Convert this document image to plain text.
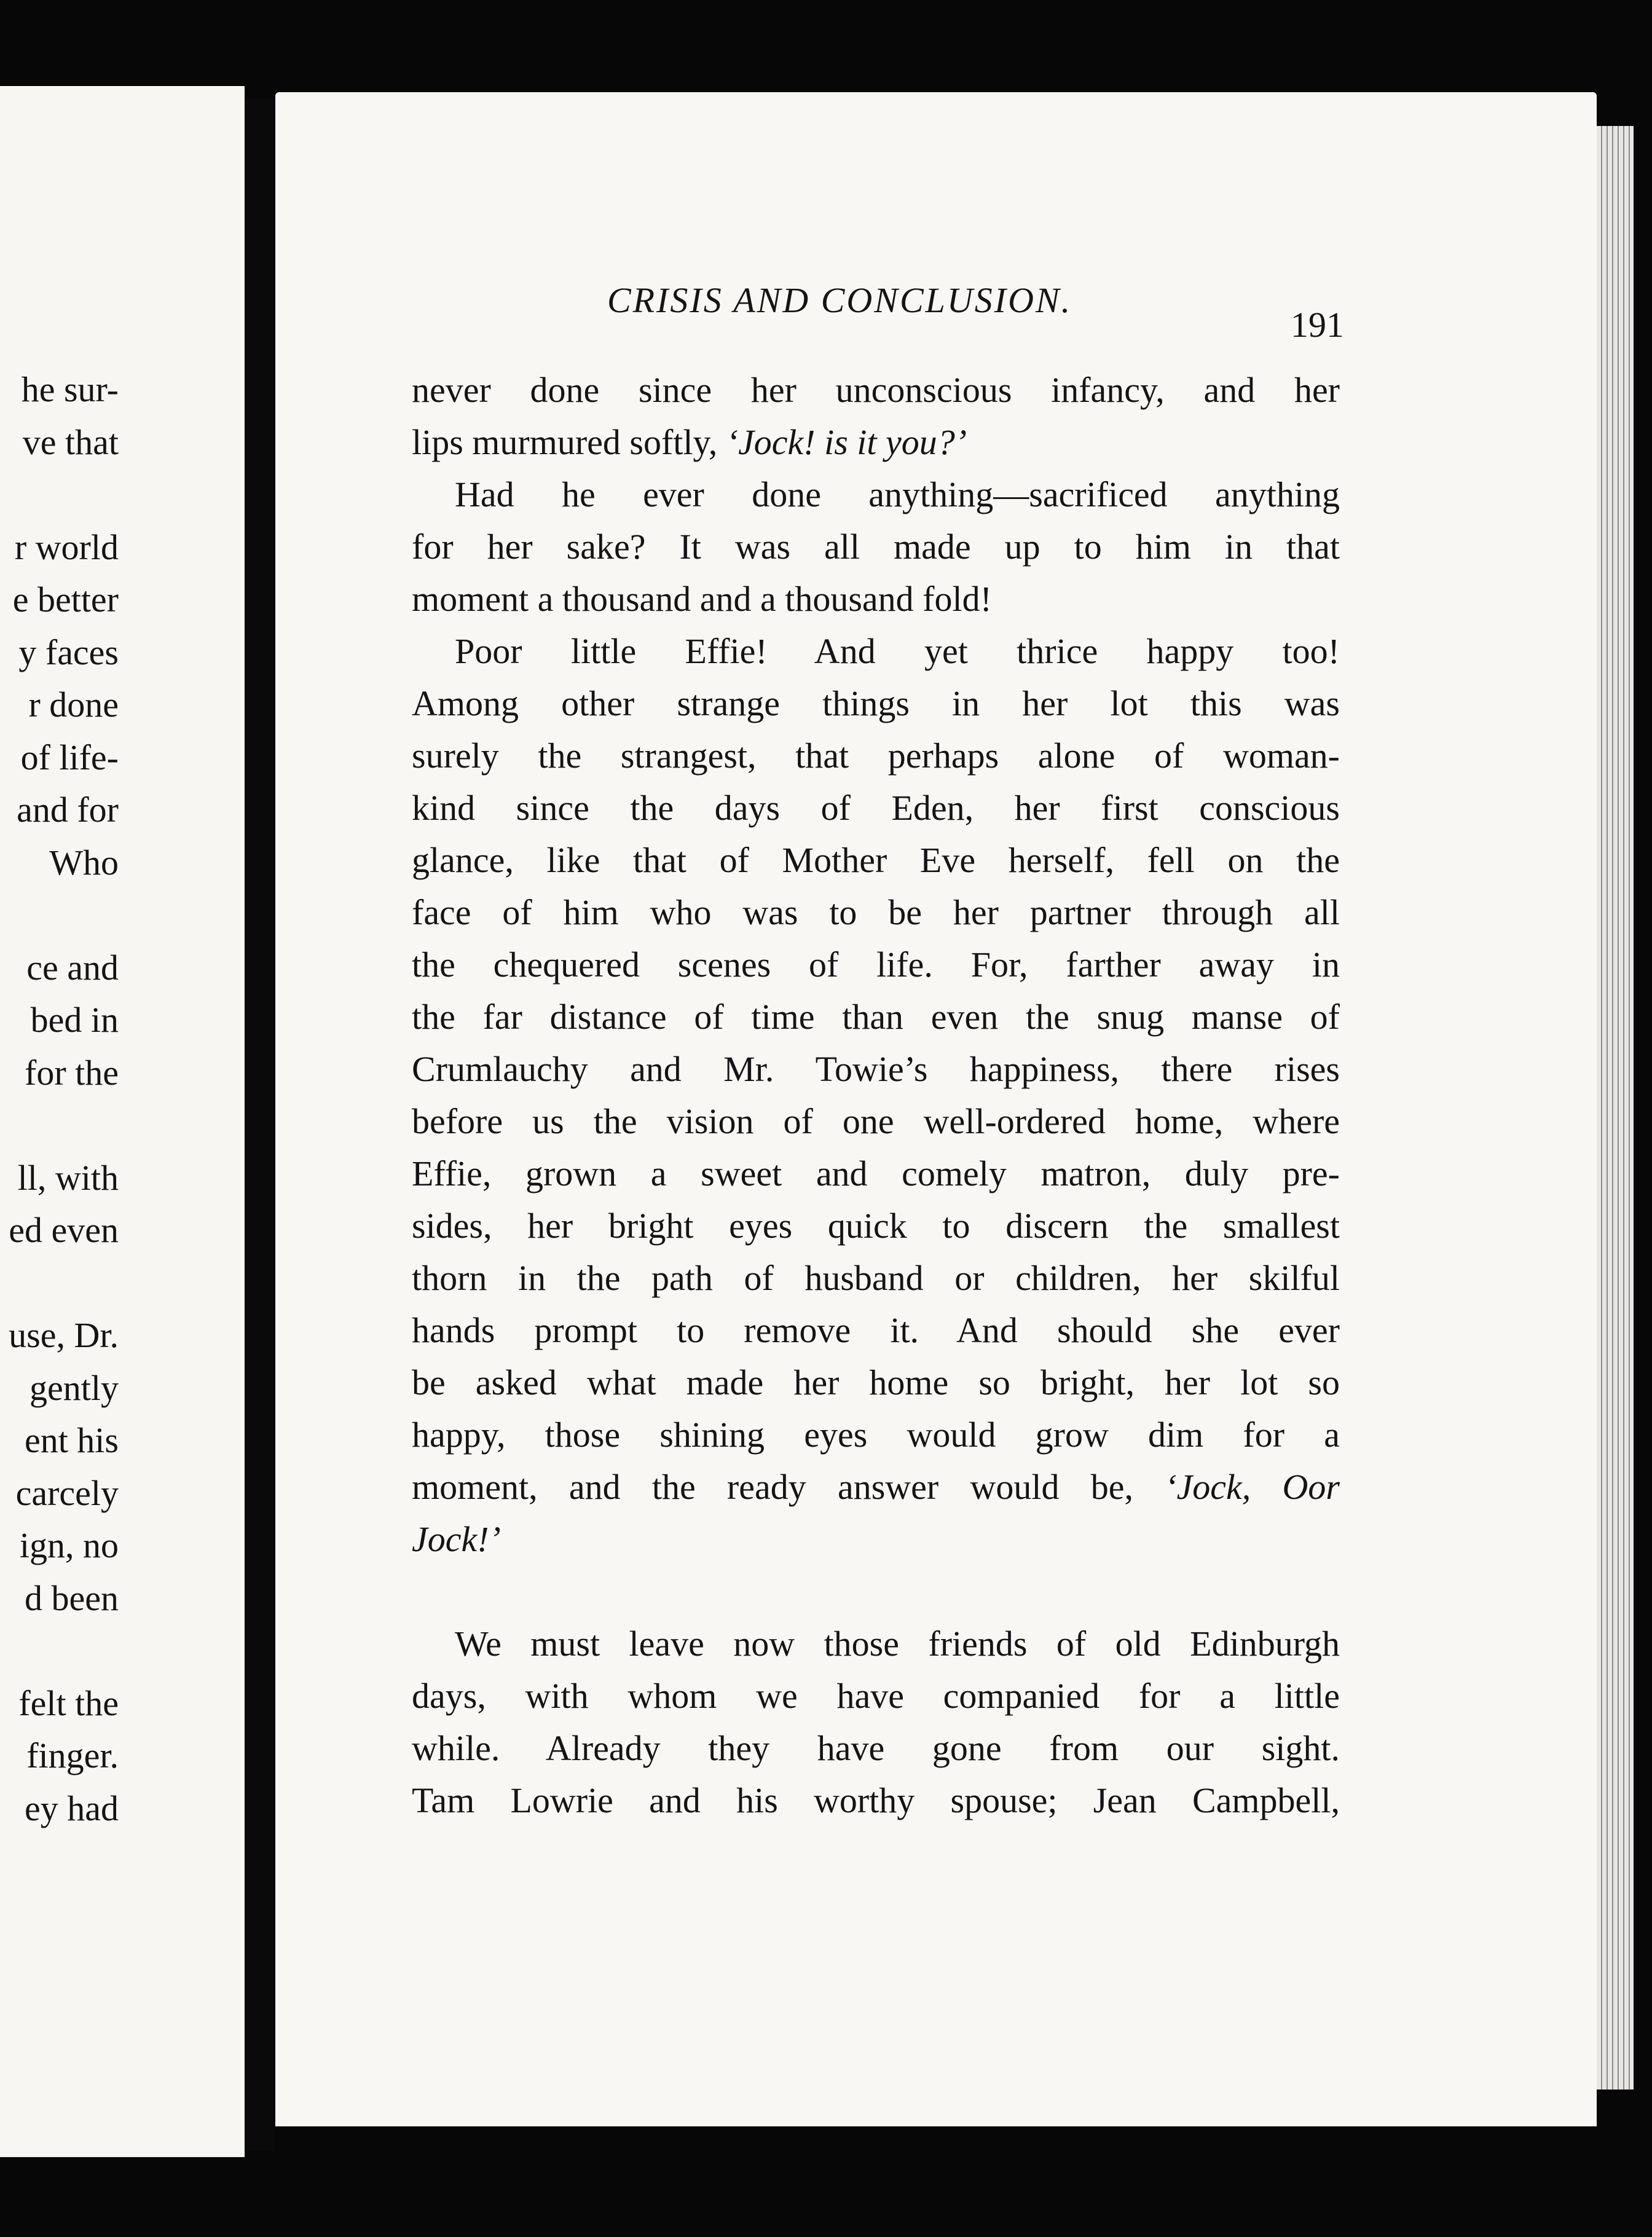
he sur-
ve that
r world
e better
y faces
r done
of life-
and for
Who
ce and
bed in
for the
ll, with
ed even
use, Dr.
gently
ent his
carcely
ign, no
d been
felt the
finger.
ey had
CRISIS AND CONCLUSION.
191
never done since her unconscious infancy, and her
lips murmured softly, ‘Jock! is it you?’
Had he ever done anything—sacrificed anything
for her sake? It was all made up to him in that
moment a thousand and a thousand fold!
Poor little Effie! And yet thrice happy too!
Among other strange things in her lot this was
surely the strangest, that perhaps alone of woman-
kind since the days of Eden, her first conscious
glance, like that of Mother Eve herself, fell on the
face of him who was to be her partner through all
the chequered scenes of life. For, farther away in
the far distance of time than even the snug manse of
Crumlauchy and Mr. Towie’s happiness, there rises
before us the vision of one well-ordered home, where
Effie, grown a sweet and comely matron, duly pre-
sides, her bright eyes quick to discern the smallest
thorn in the path of husband or children, her skilful
hands prompt to remove it. And should she ever
be asked what made her home so bright, her lot so
happy, those shining eyes would grow dim for a
moment, and the ready answer would be, ‘Jock, Oor
Jock!’
We must leave now those friends of old Edinburgh
days, with whom we have companied for a little
while. Already they have gone from our sight.
Tam Lowrie and his worthy spouse; Jean Campbell,
